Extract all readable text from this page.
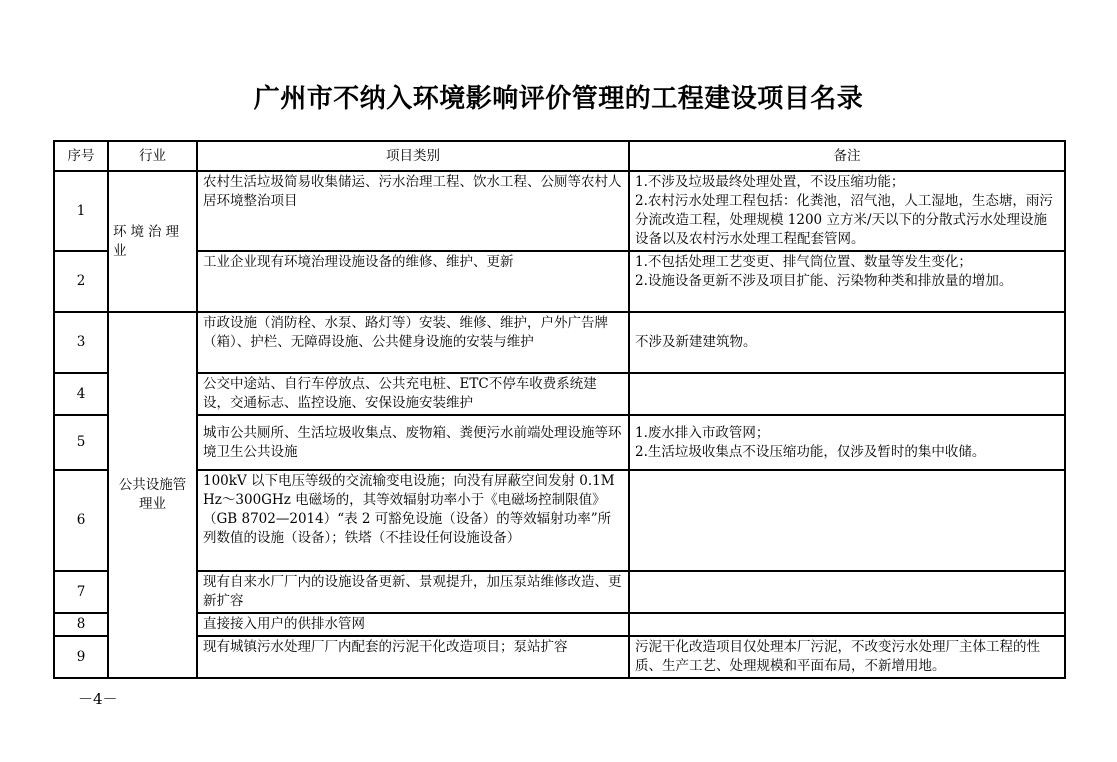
广州市不纳入环境影响评价管理的工程建设项目名录
序号	行业	项目类别	备注
1	环境治理业	农村生活垃圾简易收集储运、污水治理工程、饮水工程、公厕等农村人居环境整治项目	1.不涉及垃圾最终处理处置，不设压缩功能；
2.农村污水处理工程包括：化粪池，沼气池，人工湿地，生态塘，雨污分流改造工程，处理规模 1200 立方米/天以下的分散式污水处理设施设备以及农村污水处理工程配套管网。

2		工业企业现有环境治理设施设备的维修、维护、更新	1.不包括处理工艺变更、排气筒位置、数量等发生变化；
2.设施设备更新不涉及项目扩能、污染物种类和排放量的增加。

3	公共设施管理业	市政设施（消防栓、水泵、路灯等）安装、维修、维护，户外广告牌（箱）、护栏、无障碍设施、公共健身设施的安装与维护	不涉及新建建筑物。

4		公交中途站、自行车停放点、公共充电桩、ETC不停车收费系统建设，交通标志、监控设施、安保设施安装维护	
5		城市公共厕所、生活垃圾收集点、废物箱、粪便污水前端处理设施等环境卫生公共设施	1.废水排入市政管网；
2.生活垃圾收集点不设压缩功能，仅涉及暂时的集中收储。

6		100kV 以下电压等级的交流输变电设施；向没有屏蔽空间发射 0.1MHz～300GHz 电磁场的，其等效辐射功率小于《电磁场控制限值》（GB 8702—2014）“表 2 可豁免设施（设备）的等效辐射功率”所列数值的设施（设备）；铁塔（不挂设任何设施设备）	
7		现有自来水厂厂内的设施设备更新、景观提升，加压泵站维修改造、更新扩容	
8		直接接入用户的供排水管网	
9		现有城镇污水处理厂厂内配套的污泥干化改造项目；泵站扩容	污泥干化改造项目仅处理本厂污泥，不改变污水处理厂主体工程的性质、生产工艺、处理规模和平面布局，不新增用地。
－4－
